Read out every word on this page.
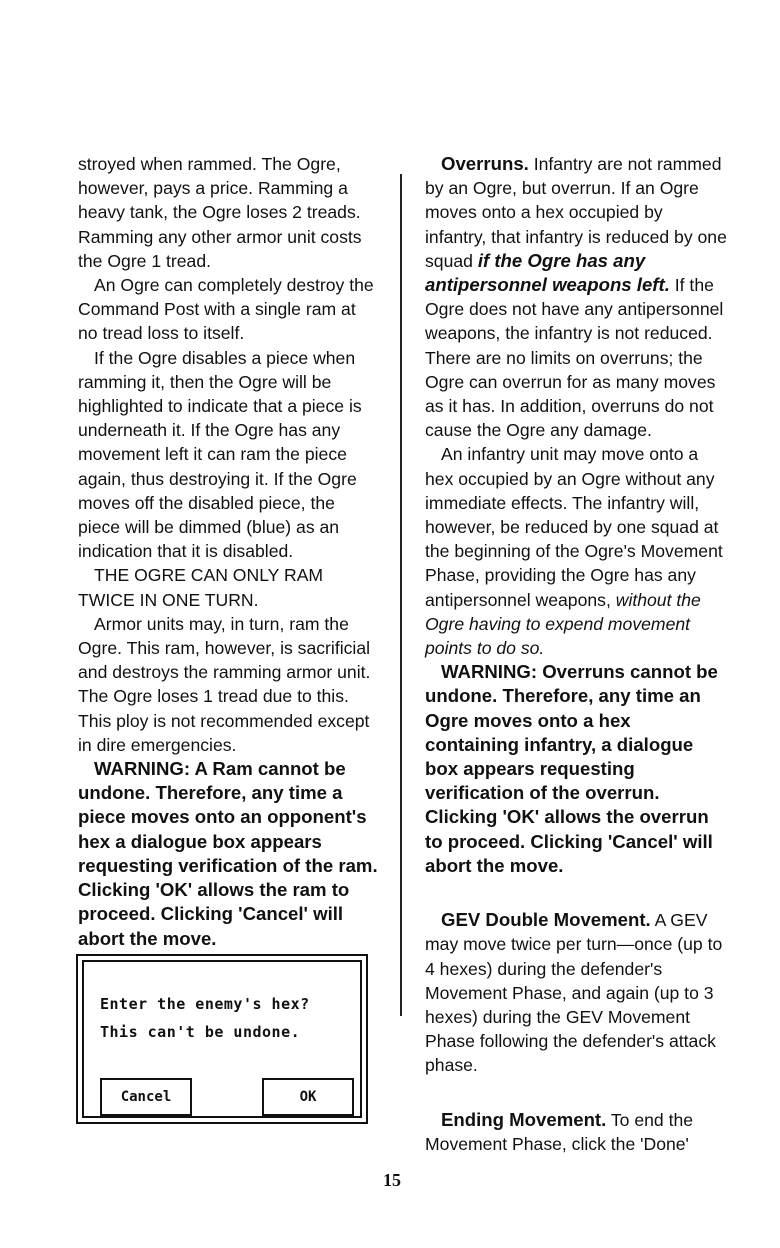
stroyed when rammed. The Ogre, however, pays a price. Ramming a heavy tank, the Ogre loses 2 treads. Ramming any other armor unit costs the Ogre 1 tread.

An Ogre can completely destroy the Command Post with a single ram at no tread loss to itself.

If the Ogre disables a piece when ramming it, then the Ogre will be highlighted to indicate that a piece is underneath it. If the Ogre has any movement left it can ram the piece again, thus destroying it. If the Ogre moves off the disabled piece, the piece will be dimmed (blue) as an indication that it is disabled.

THE OGRE CAN ONLY RAM TWICE IN ONE TURN.

Armor units may, in turn, ram the Ogre. This ram, however, is sacrificial and destroys the ramming armor unit. The Ogre loses 1 tread due to this. This ploy is not recommended except in dire emergencies.

WARNING: A Ram cannot be undone. Therefore, any time a piece moves onto an opponent's hex a dialogue box appears requesting verification of the ram. Clicking 'OK' allows the ram to proceed. Clicking 'Cancel' will abort the move.

Enter the enemy's hex?
This can't be undone.
Cancel	OK

Overruns. Infantry are not rammed by an Ogre, but overrun. If an Ogre moves onto a hex occupied by infantry, that infantry is reduced by one squad if the Ogre has any antipersonnel weapons left. If the Ogre does not have any antipersonnel weapons, the infantry is not reduced. There are no limits on overruns; the Ogre can overrun for as many moves as it has. In addition, overruns do not cause the Ogre any damage.

An infantry unit may move onto a hex occupied by an Ogre without any immediate effects. The infantry will, however, be reduced by one squad at the beginning of the Ogre's Movement Phase, providing the Ogre has any antipersonnel weapons, without the Ogre having to expend movement points to do so.

WARNING: Overruns cannot be undone. Therefore, any time an Ogre moves onto a hex containing infantry, a dialogue box appears requesting verification of the overrun. Clicking 'OK' allows the overrun to proceed. Clicking 'Cancel' will abort the move.

GEV Double Movement. A GEV may move twice per turn—once (up to 4 hexes) during the defender's Movement Phase, and again (up to 3 hexes) during the GEV Movement Phase following the defender's attack phase.

Ending Movement. To end the Movement Phase, click the 'Done'

15
